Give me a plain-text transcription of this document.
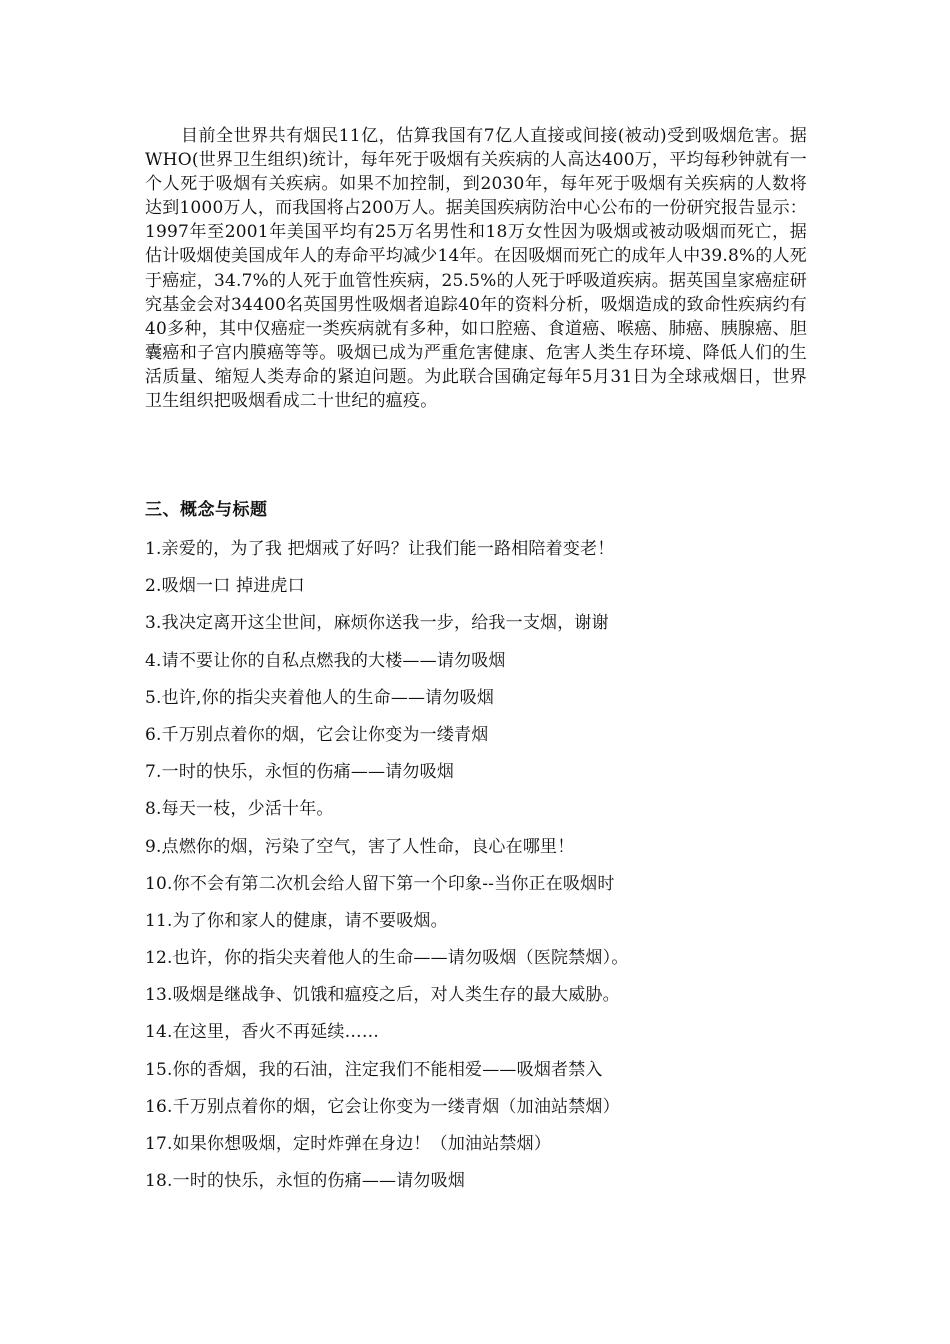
目前全世界共有烟民11亿，估算我国有7亿人直接或间接(被动)受到吸烟危害。据WHO(世界卫生组织)统计，每年死于吸烟有关疾病的人高达400万，平均每秒钟就有一个人死于吸烟有关疾病。如果不加控制，到2030年，每年死于吸烟有关疾病的人数将达到1000万人，而我国将占200万人。据美国疾病防治中心公布的一份研究报告显示：1997年至2001年美国平均有25万名男性和18万女性因为吸烟或被动吸烟而死亡，据估计吸烟使美国成年人的寿命平均减少14年。在因吸烟而死亡的成年人中39.8%的人死于癌症，34.7%的人死于血管性疾病，25.5%的人死于呼吸道疾病。据英国皇家癌症研究基金会对34400名英国男性吸烟者追踪40年的资料分析，吸烟造成的致命性疾病约有40多种，其中仅癌症一类疾病就有多种，如口腔癌、食道癌、喉癌、肺癌、胰腺癌、胆囊癌和子宫内膜癌等等。吸烟已成为严重危害健康、危害人类生存环境、降低人们的生活质量、缩短人类寿命的紧迫问题。为此联合国确定每年5月31日为全球戒烟日，世界卫生组织把吸烟看成二十世纪的瘟疫。

三、概念与标题
1.亲爱的，为了我 把烟戒了好吗？让我们能一路相陪着变老！
2.吸烟一口 掉进虎口
3.我决定离开这尘世间，麻烦你送我一步，给我一支烟，谢谢
4.请不要让你的自私点燃我的大楼——请勿吸烟
5.也许,你的指尖夹着他人的生命——请勿吸烟
6.千万别点着你的烟，它会让你变为一缕青烟
7.一时的快乐，永恒的伤痛——请勿吸烟
8.每天一枝，少活十年。
9.点燃你的烟，污染了空气，害了人性命，良心在哪里！
10.你不会有第二次机会给人留下第一个印象--当你正在吸烟时
11.为了你和家人的健康，请不要吸烟。
12.也许，你的指尖夹着他人的生命——请勿吸烟（医院禁烟）。
13.吸烟是继战争、饥饿和瘟疫之后，对人类生存的最大威胁。
14.在这里，香火不再延续……
15.你的香烟，我的石油，注定我们不能相爱——吸烟者禁入
16.千万别点着你的烟，它会让你变为一缕青烟（加油站禁烟）
17.如果你想吸烟，定时炸弹在身边！（加油站禁烟）
18.一时的快乐，永恒的伤痛——请勿吸烟
